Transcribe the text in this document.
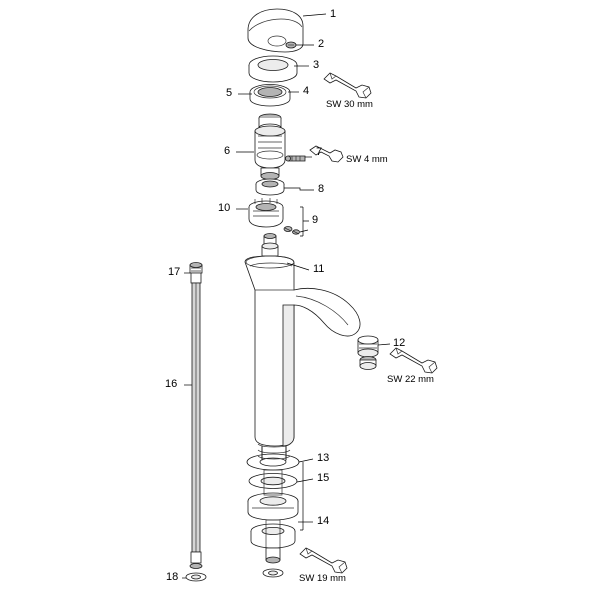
1
2
3
4
5
6	7
8
9
10
11
12
13
14
15
16
17
18
SW 30 mm
SW 4 mm
SW 22 mm
SW 19 mm
